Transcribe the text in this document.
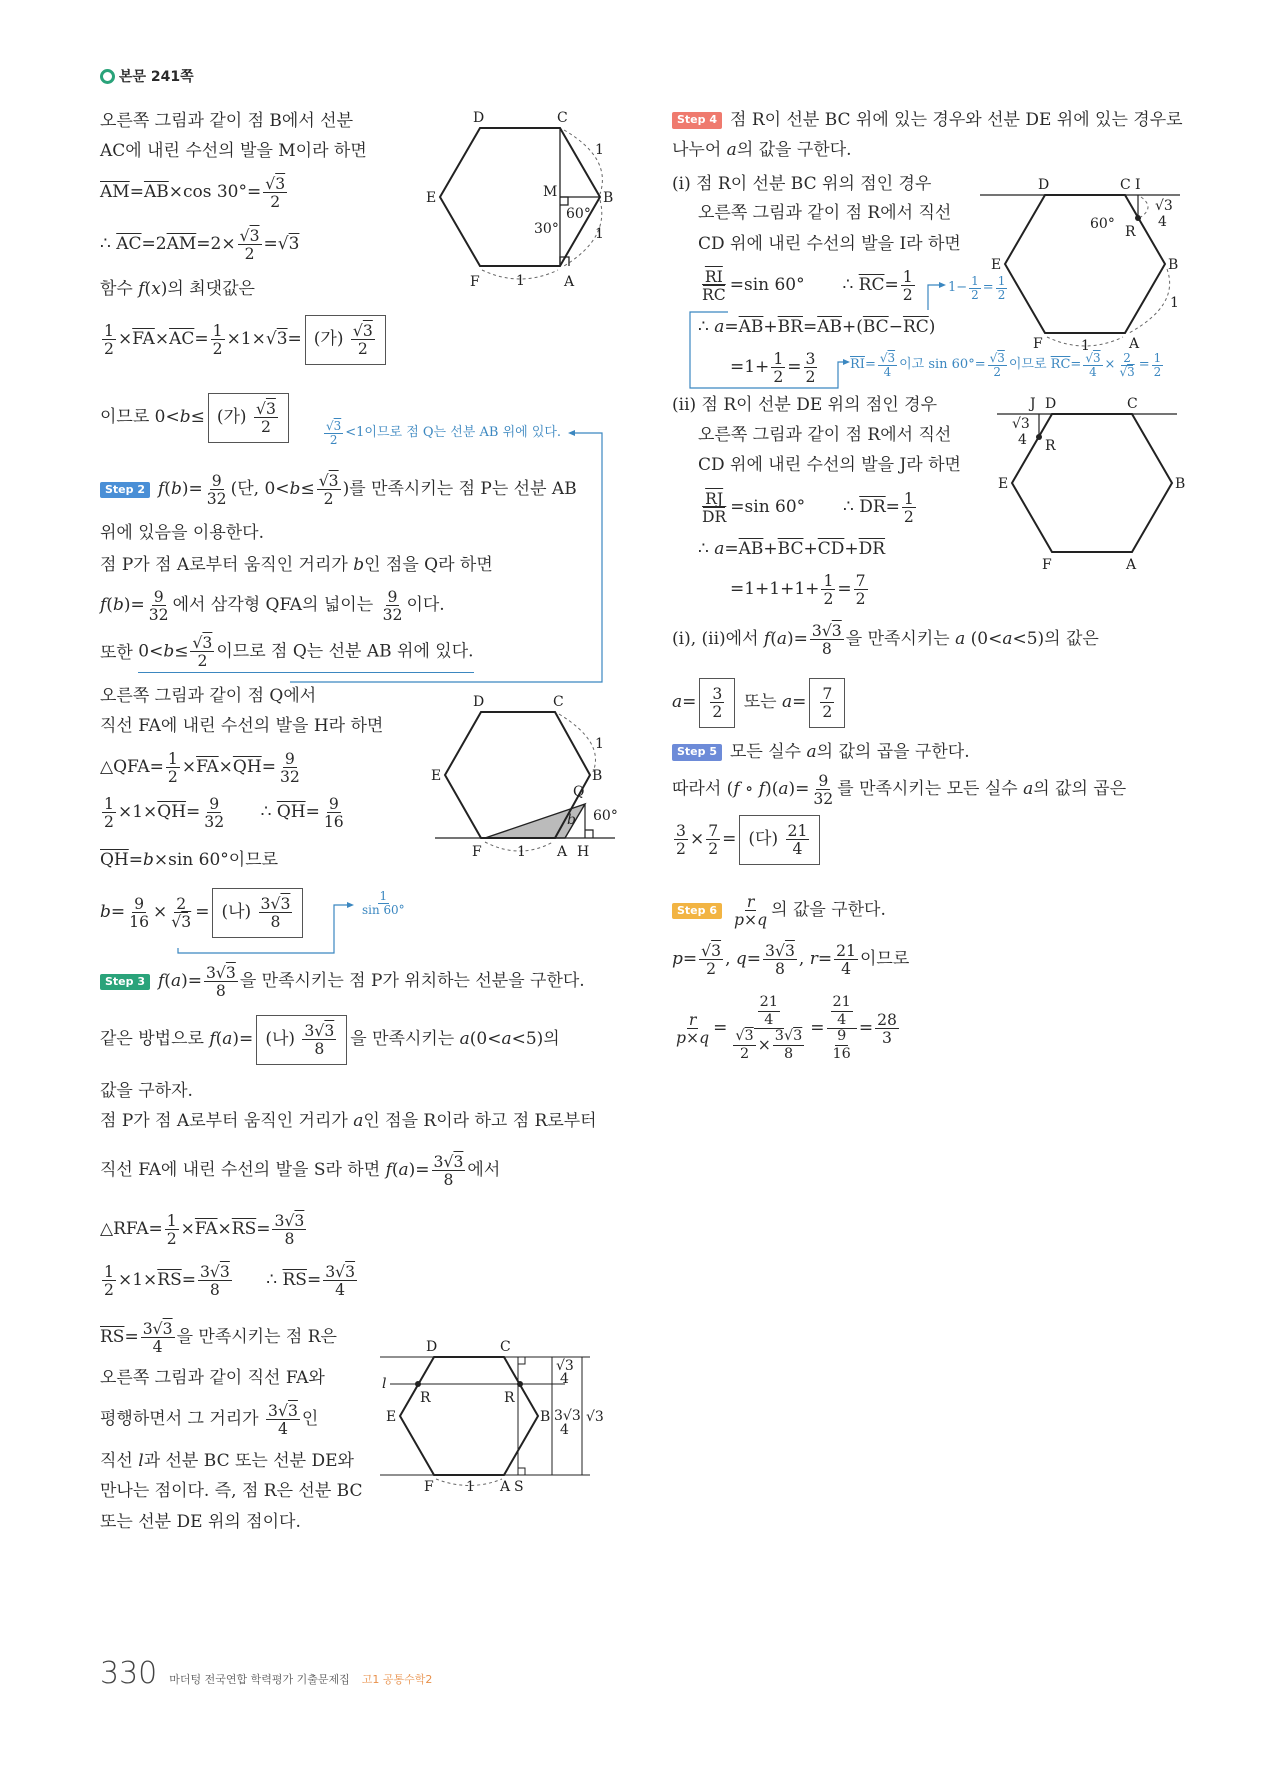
본문 241쪽
오른쪽 그림과 같이 점 B에서 선분
AC에 내린 수선의 발을 M이라 하면
$\overline{AM} = \overline{AB} \times\cos$ 30°= √ $\frac{3}{2}$
∴ $\overline{AC} =2$ $\overline{AM} =2\times$ √ $\frac{3}{2}$ = √ 3
함수 f ( x )의 최댓값은
$\frac{1}{2} \times \overline{FA} \times \overline{AC} = \frac{1}{2} \times 1\times$ √ 3 = (가) √ $\frac{3}{2}$
이므로 0< b ≤ (가) √ $\frac{3}{2}$	√ $\frac{3}{2} <1$이므로 점 Q는 선분 AB 위에 있다.
Step 2 f ( b )= $\frac{9}{32}$ (단, 0< b ≤ √ $\frac{3}{2}$ )를 만족시키는 점 P는 선분 AB
위에 있음을 이용한다.
점 P가 점 A로부터 움직인 거리가 b 인 점을 Q라 하면
f ( b )= $\frac{9}{32}$ 에서 삼각형 QFA의 넓이는 $\frac{9}{32}$ 이다.
또한 0<b≤ √ $\frac{3}{2}$ 이므로 점 Q는 선분 AB 위에 있다.
오른쪽 그림과 같이 점 Q에서
직선 FA에 내린 수선의 발을 H라 하면
△QFA= $\frac{1}{2} \times \overline{FA} \times \overline{QH} = \frac{9}{32}$
$\frac{1}{2} \times 1\times \overline{QH} = \frac{9}{32}$ ∴ $\overline{QH} = \frac{9}{16}$
$\overline{QH} = b \times\sin$ 60°이므로
$b = \frac{9}{16} \times 2$
√ 3 = (나) $\frac{3 √ 3}{8}$	$\frac{1}{\sin 60^\circ}$
Step 3 f ( a )= $\frac{3 √ 3}{8}$ 을 만족시키는 점 P가 위치하는 선분을 구한다.
같은 방법으로 f ( a )= (나) $\frac{3 √ 3}{8}$ 을 만족시키는 a (0< a <5)의
값을 구하자.
점 P가 점 A로부터 움직인 거리가 a 인 점을 R이라 하고 점 R로부터
직선 FA에 내린 수선의 발을 S라 하면 f ( a )= $\frac{3 √ 3}{8}$ 에서
△RFA= $\frac{1}{2} \times \overline{FA} \times \overline{RS} = \frac{3 √ 3}{8}$
$\frac{1}{2} \times 1\times \overline{RS} = \frac{3 √ 3}{8}$ ∴ $\overline{RS} = \frac{3 √ 3}{4}$
$\overline{RS} = \frac{3 √ 3}{4}$ 을 만족시키는 점 R은
오른쪽 그림과 같이 직선 FA와
평행하면서 그 거리가 $\frac{3 √ 3}{4}$ 인
직선 l 과 선분 BC 또는 선분 DE와
만나는 점이다. 즉, 점 R은 선분 BC
또는 선분 DE 위의 점이다.
Step 4 점 R이 선분 BC 위에 있는 경우와 선분 DE 위에 있는 경우로
나누어 a 의 값을 구한다.
(i) 점 R이 선분 BC 위의 점인 경우
오른쪽 그림과 같이 점 R에서 직선
CD 위에 내린 수선의 발을 I라 하면
$\frac{\overline{RI}}{RC} =\sin$ 60°       ∴ $\overline{RC} = \frac{1}{2}$	$1- \frac{1}{2} = \frac{1}{2}$
∴ $a = \overline{AB} + \overline{BR} = \overline{AB}$ +( $\overline{BC} - \overline{RC}$ )
$=1+ \frac{1}{2} = \frac{3}{2}$	$\overline{RI}$ = √ $\frac{3}{4}$ 이고 sin 60°= √ $\frac{3}{2}$ 이므로 $\overline{RC}$ = √ $\frac{3}{4} \times 2$
√ $3 = \frac{1}{2}$
(ii) 점 R이 선분 DE 위의 점인 경우
오른쪽 그림과 같이 점 R에서 직선
CD 위에 내린 수선의 발을 J라 하면
$\frac{\overline{RJ}}{DR} =\sin$ 60°       ∴ $\overline{DR} = \frac{1}{2}$
∴ $a = \overline{AB} + \overline{BC} + \overline{CD} + \overline{DR}$
$=1+1+1+ \frac{1}{2} = \frac{7}{2}$
(i), (ii)에서 f ( a )= $\frac{3 √ 3}{8}$ 을 만족시키는 a (0< a <5)의 값은
$a = \frac{3}{2}$ 또는 $a = \frac{7}{2}$
Step 5 모든 실수 a 의 값의 곱을 구한다.
따라서 ( f ∘ f )( a )= $\frac{9}{32}$ 를 만족시키는 모든 실수 a 의 값의 곱은
$\frac{3}{2} \times \frac{7}{2}$ = (다) $\frac{21}{4}$
Step $6 \frac{r}{p\times q}$ 의 값을 구한다.
p = √ $\frac{3}{2}$ , $q = \frac{3 √ 3}{8}$ , $r = \frac{21}{4}$ 이므로
$\frac{r}{p\times q} = \frac{21}{4}$
√ $\frac{3}{2} \times \frac{3 √ 3}{8} = \frac{\frac{21}{4}}{\frac{9}{16}} = \frac{28}{3}$
D	C
E	B
F	A
M
1
1
1
60°
30°
D	C I
E	B
F	A
R
60°
1
1
√3
4
J D	C
E	B
F	A
R
√3
4
D	C
E	B
Q
F	A H
1
1
60°
b
D	C
E	B
F	A S
R	R
l
1
√3
4
3√3
4
√3
330 마더텅 전국연합 학력평가 기출문제집 고1 공통수학2
